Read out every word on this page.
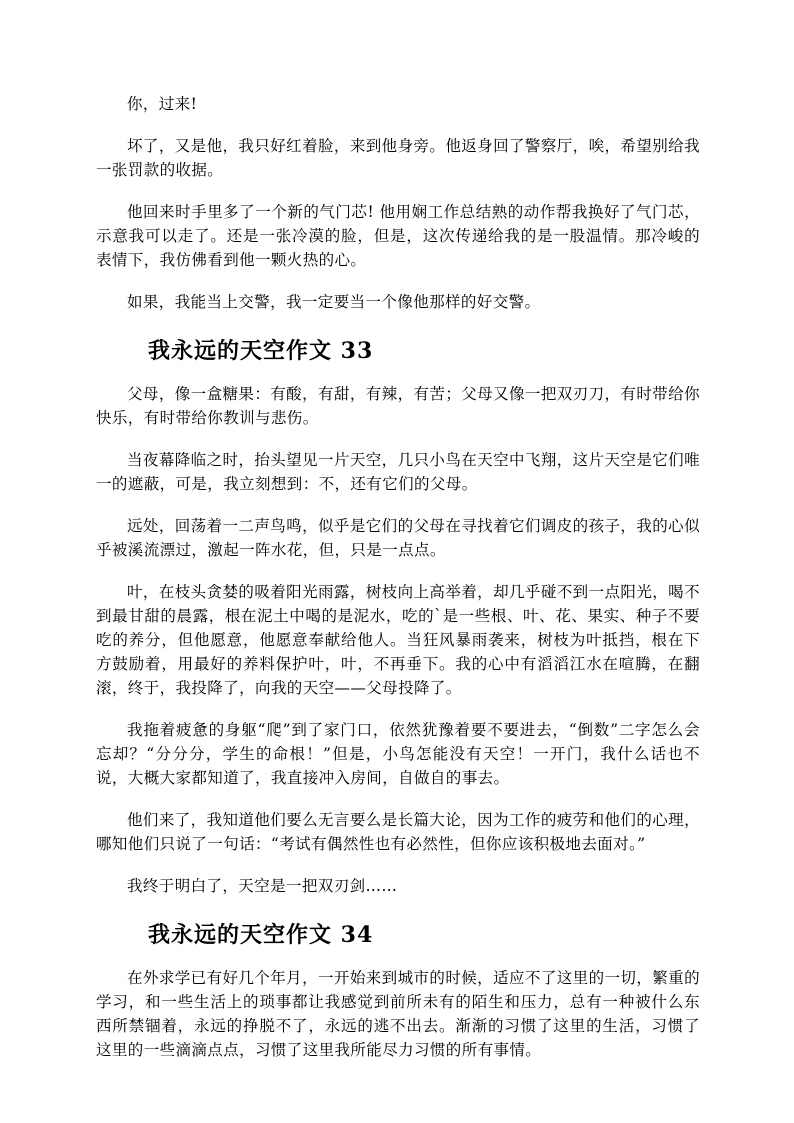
你，过来!

坏了，又是他，我只好红着脸，来到他身旁。他返身回了警察厅，唉，希望别给我一张罚款的收据。

他回来时手里多了一个新的气门芯! 他用娴工作总结熟的动作帮我换好了气门芯，示意我可以走了。还是一张冷漠的脸，但是，这次传递给我的是一股温情。那冷峻的表情下，我仿佛看到他一颗火热的心。

如果，我能当上交警，我一定要当一个像他那样的好交警。

我永远的天空作文 33

父母，像一盒糖果：有酸，有甜，有辣，有苦；父母又像一把双刃刀，有时带给你快乐，有时带给你教训与悲伤。

当夜幕降临之时，抬头望见一片天空，几只小鸟在天空中飞翔，这片天空是它们唯一的遮蔽，可是，我立刻想到：不，还有它们的父母。

远处，回荡着一二声鸟鸣，似乎是它们的父母在寻找着它们调皮的孩子，我的心似乎被溪流漂过，激起一阵水花，但，只是一点点。

叶，在枝头贪婪的吸着阳光雨露，树枝向上高举着，却几乎碰不到一点阳光，喝不到最甘甜的晨露，根在泥土中喝的是泥水，吃的`是一些根、叶、花、果实、种子不要吃的养分，但他愿意，他愿意奉献给他人。当狂风暴雨袭来，树枝为叶抵挡，根在下方鼓励着，用最好的养料保护叶，叶，不再垂下。我的心中有滔滔江水在喧腾，在翻滚，终于，我投降了，向我的天空——父母投降了。

我拖着疲惫的身躯“爬”到了家门口，依然犹豫着要不要进去，“倒数”二字怎么会忘却？“分分分，学生的命根！”但是，小鸟怎能没有天空！一开门，我什么话也不说，大概大家都知道了，我直接冲入房间，自做自的事去。

他们来了，我知道他们要么无言要么是长篇大论，因为工作的疲劳和他们的心理，哪知他们只说了一句话：“考试有偶然性也有必然性，但你应该积极地去面对。”

我终于明白了，天空是一把双刃剑……

我永远的天空作文 34

在外求学已有好几个年月，一开始来到城市的时候，适应不了这里的一切，繁重的学习，和一些生活上的琐事都让我感觉到前所未有的陌生和压力，总有一种被什么东西所禁锢着，永远的挣脱不了，永远的逃不出去。渐渐的习惯了这里的生活，习惯了这里的一些滴滴点点，习惯了这里我所能尽力习惯的所有事情。
